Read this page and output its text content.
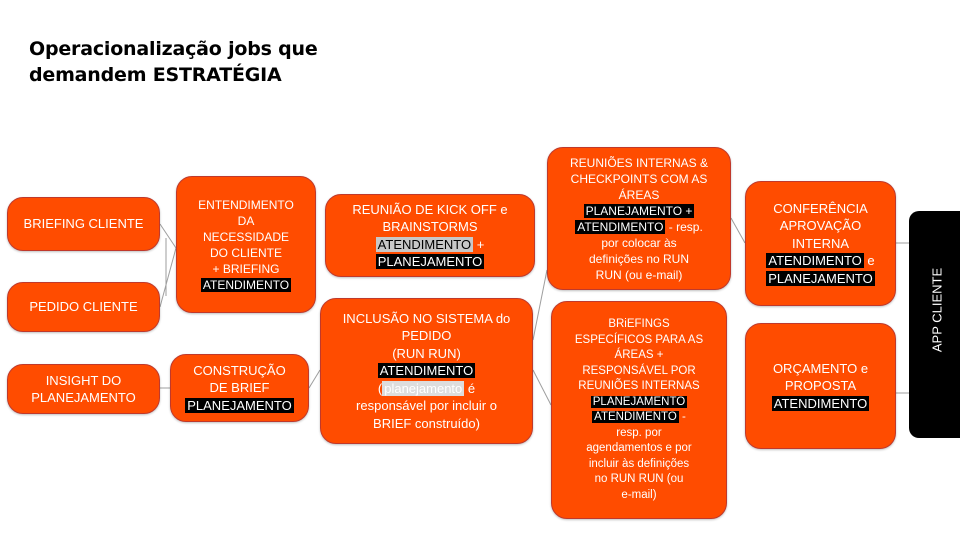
Operacionalização jobs que
demandem ESTRATÉGIA
BRIEFING CLIENTE
PEDIDO CLIENTE
INSIGHT DO
PLANEJAMENTO
ENTENDIMENTO
DA
NECESSIDADE
DO CLIENTE
+ BRIEFING
ATENDIMENTO
CONSTRUÇÃO
DE BRIEF
PLANEJAMENTO
REUNIÃO DE KICK OFF e
BRAINSTORMS
ATENDIMENTO +
PLANEJAMENTO
INCLUSÃO NO SISTEMA do
PEDIDO
(RUN RUN)
ATENDIMENTO
( planejamento é
responsável por incluir o
BRIEF construído)
REUNIÕES INTERNAS &
CHECKPOINTS COM AS
ÁREAS
PLANEJAMENTO +
ATENDIMENTO - resp.
por colocar às
definições no RUN
RUN (ou e-mail)
BRiEFINGS
ESPECÍFICOS PARA AS
ÁREAS +
RESPONSÁVEL POR
REUNIÕES INTERNAS
PLANEJAMENTO
ATENDIMENTO -
resp. por
agendamentos e por
incluir às definições
no RUN RUN (ou
e-mail)
CONFERÊNCIA
APROVAÇÃO
INTERNA
ATENDIMENTO e
PLANEJAMENTO
ORÇAMENTO e
PROPOSTA
ATENDIMENTO
APP CLIENTE
